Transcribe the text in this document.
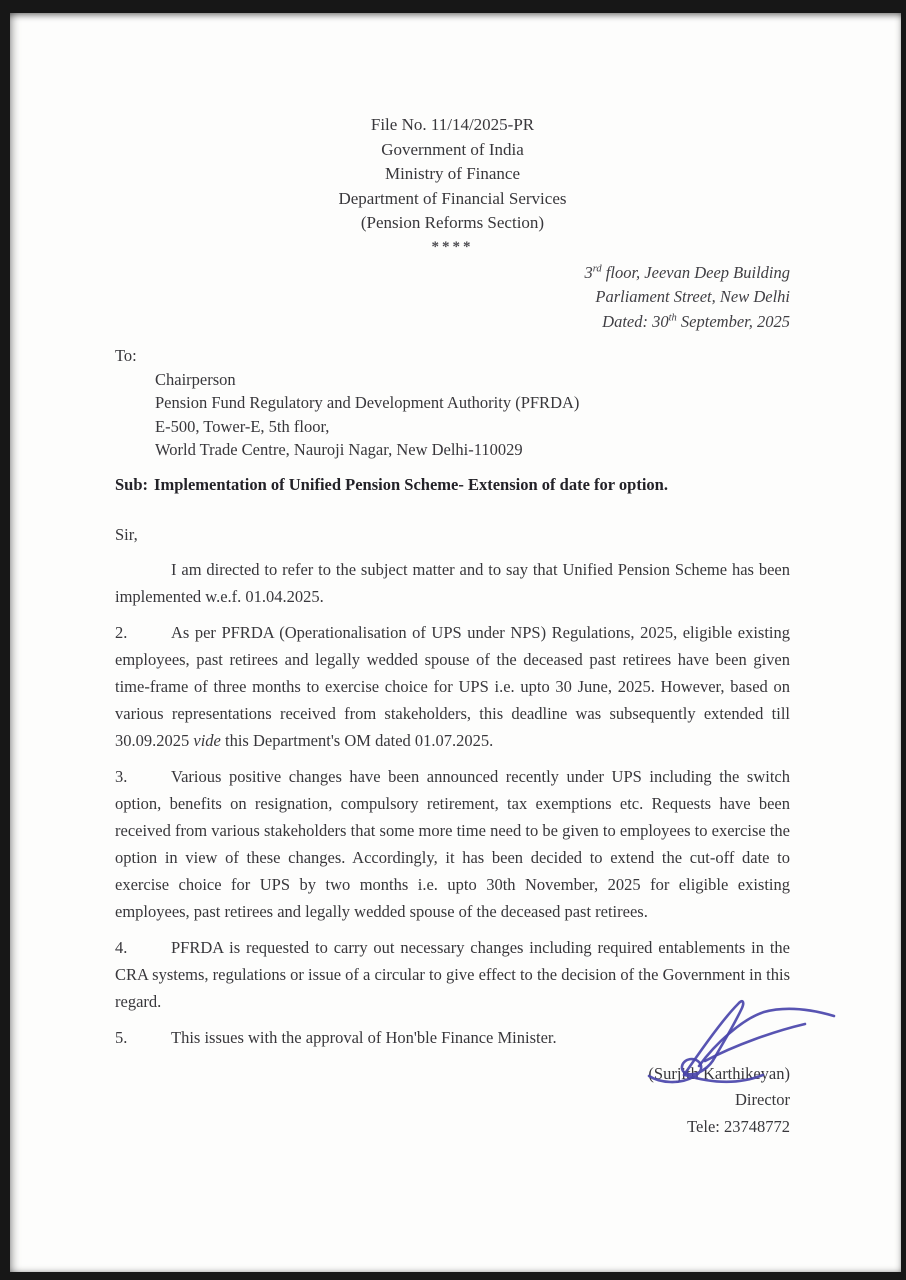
File No. 11/14/2025-PR
Government of India
Ministry of Finance
Department of Financial Services
(Pension Reforms Section)
****
3rd floor, Jeevan Deep Building
Parliament Street, New Delhi
Dated: 30th September, 2025
To:
Chairperson
Pension Fund Regulatory and Development Authority (PFRDA)
E-500, Tower-E, 5th floor,
World Trade Centre, Nauroji Nagar, New Delhi-110029
Sub: Implementation of Unified Pension Scheme- Extension of date for option.
Sir,

I am directed to refer to the subject matter and to say that Unified Pension Scheme has been implemented w.e.f. 01.04.2025.

2.	As per PFRDA (Operationalisation of UPS under NPS) Regulations, 2025, eligible existing employees, past retirees and legally wedded spouse of the deceased past retirees have been given time-frame of three months to exercise choice for UPS i.e. upto 30 June, 2025. However, based on various representations received from stakeholders, this deadline was subsequently extended till 30.09.2025 vide this Department's OM dated 01.07.2025.

3.	Various positive changes have been announced recently under UPS including the switch option, benefits on resignation, compulsory retirement, tax exemptions etc. Requests have been received from various stakeholders that some more time need to be given to employees to exercise the option in view of these changes. Accordingly, it has been decided to extend the cut-off date to exercise choice for UPS by two months i.e. upto 30th November, 2025 for eligible existing employees, past retirees and legally wedded spouse of the deceased past retirees.

4.	PFRDA is requested to carry out necessary changes including required entablements in the CRA systems, regulations or issue of a circular to give effect to the decision of the Government in this regard.

5.	This issues with the approval of Hon'ble Finance Minister.

(Surjith Karthikeyan)
Director
Tele: 23748772
